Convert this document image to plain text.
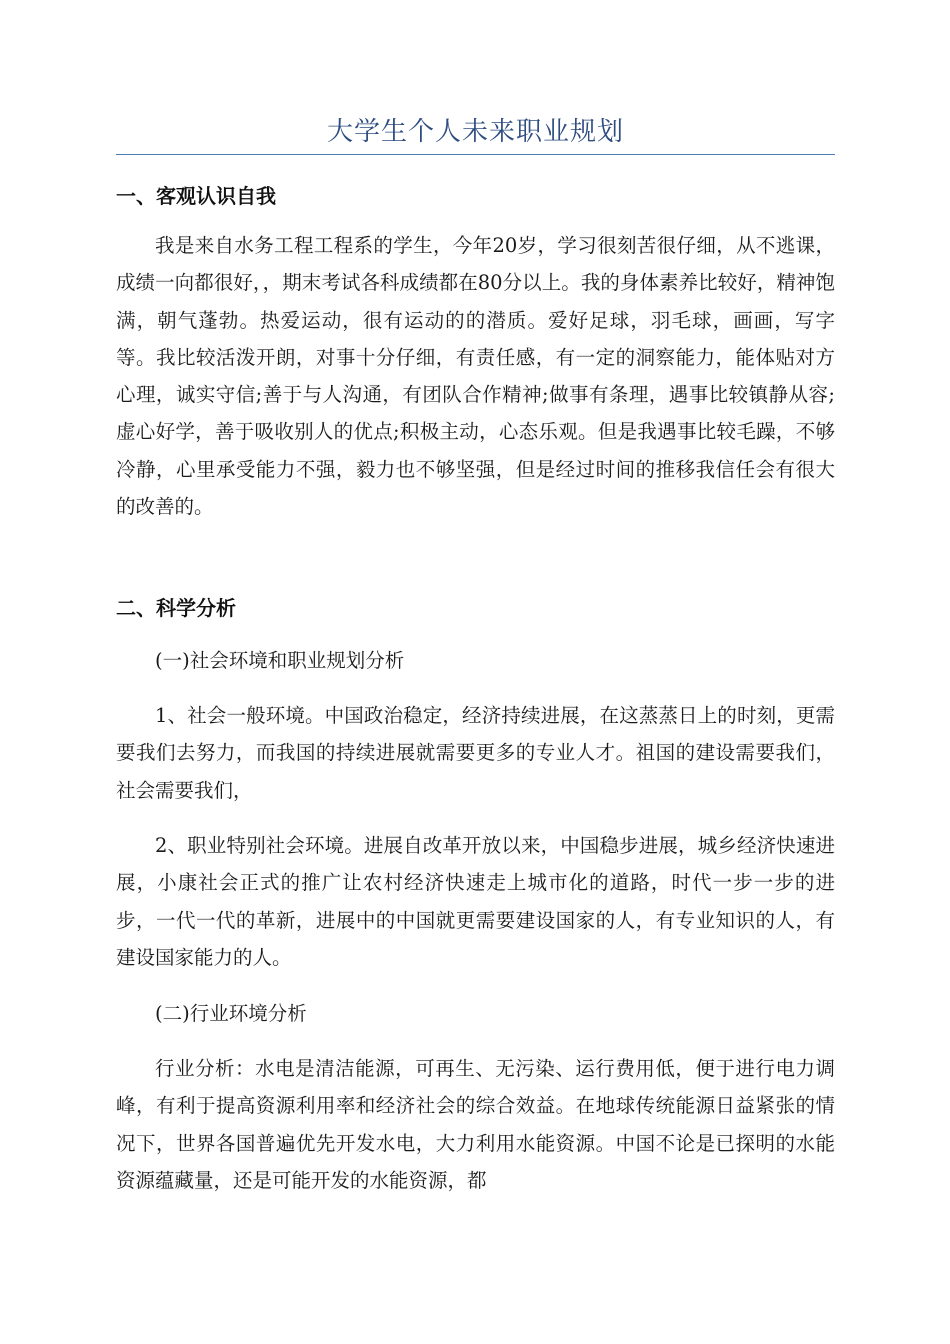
大学生个人未来职业规划
一、客观认识自我

我是来自水务工程工程系的学生，今年20岁，学习很刻苦很仔细，从不逃课，成绩一向都很好，，期末考试各科成绩都在80分以上。我的身体素养比较好，精神饱满，朝气蓬勃。热爱运动，很有运动的的潜质。爱好足球，羽毛球，画画，写字等。我比较活泼开朗，对事十分仔细，有责任感，有一定的洞察能力，能体贴对方心理，诚实守信;善于与人沟通，有团队合作精神;做事有条理，遇事比较镇静从容;虚心好学，善于吸收别人的优点;积极主动，心态乐观。但是我遇事比较毛躁，不够冷静，心里承受能力不强，毅力也不够坚强，但是经过时间的推移我信任会有很大的改善的。

二、科学分析

(一)社会环境和职业规划分析

1、社会一般环境。中国政治稳定，经济持续进展，在这蒸蒸日上的时刻，更需要我们去努力，而我国的持续进展就需要更多的专业人才。祖国的建设需要我们，社会需要我们，

2、职业特别社会环境。进展自改革开放以来，中国稳步进展，城乡经济快速进展，小康社会正式的推广让农村经济快速走上城市化的道路，时代一步一步的进步，一代一代的革新，进展中的中国就更需要建设国家的人，有专业知识的人，有建设国家能力的人。

(二)行业环境分析

行业分析：水电是清洁能源，可再生、无污染、运行费用低，便于进行电力调峰，有利于提高资源利用率和经济社会的综合效益。在地球传统能源日益紧张的情况下，世界各国普遍优先开发水电，大力利用水能资源。中国不论是已探明的水能资源蕴藏量，还是可能开发的水能资源，都
